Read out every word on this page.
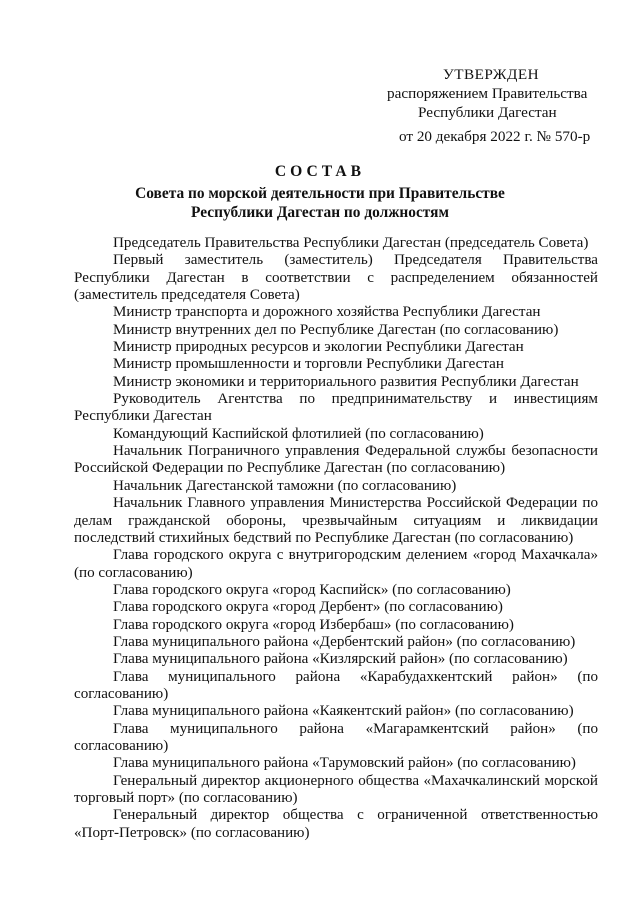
УТВЕРЖДЕН
распоряжением Правительства
Республики Дагестан
от 20 декабря 2022 г. № 570-р
СОСТАВ
Совета по морской деятельности при Правительстве
Республики Дагестан по должностям
Председатель Правительства Республики Дагестан (председатель Совета)
Первый заместитель (заместитель) Председателя Правительства Республики Дагестан в соответствии с распределением обязанностей (заместитель председателя Совета)
Министр транспорта и дорожного хозяйства Республики Дагестан
Министр внутренних дел по Республике Дагестан (по согласованию)
Министр природных ресурсов и экологии Республики Дагестан
Министр промышленности и торговли Республики Дагестан
Министр экономики и территориального развития Республики Дагестан
Руководитель Агентства по предпринимательству и инвестициям Республики Дагестан
Командующий Каспийской флотилией (по согласованию)
Начальник Пограничного управления Федеральной службы безопасности Российской Федерации по Республике Дагестан (по согласованию)
Начальник Дагестанской таможни (по согласованию)
Начальник Главного управления Министерства Российской Федерации по делам гражданской обороны, чрезвычайным ситуациям и ликвидации последствий стихийных бедствий по Республике Дагестан (по согласованию)
Глава городского округа с внутригородским делением «город Махачкала» (по согласованию)
Глава городского округа «город Каспийск» (по согласованию)
Глава городского округа «город Дербент» (по согласованию)
Глава городского округа «город Избербаш» (по согласованию)
Глава муниципального района «Дербентский район» (по согласованию)
Глава муниципального района «Кизлярский район» (по согласованию)
Глава муниципального района «Карабудахкентский район» (по согласованию)
Глава муниципального района «Каякентский район» (по согласованию)
Глава муниципального района «Магарамкентский район» (по согласованию)
Глава муниципального района «Тарумовский район» (по согласованию)
Генеральный директор акционерного общества «Махачкалинский морской торговый порт» (по согласованию)
Генеральный директор общества с ограниченной ответственностью «Порт-Петровск» (по согласованию)
